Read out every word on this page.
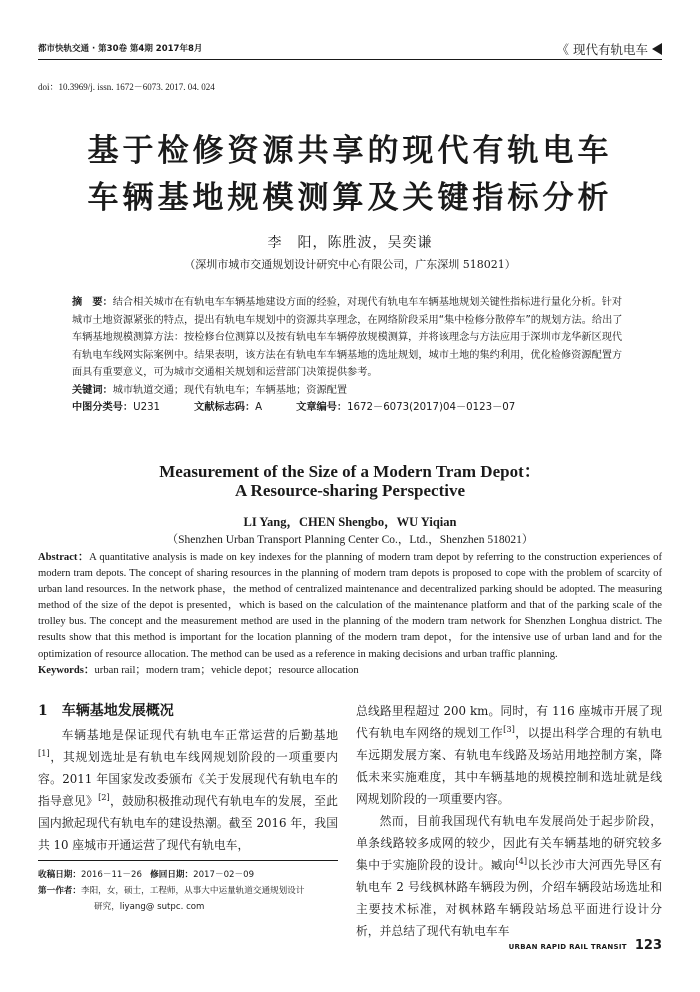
都市快轨交通 · 第30卷 第4期 2017年8月	《 现代有轨电车
doi：10.3969/j. issn. 1672－6073. 2017. 04. 024
基于检修资源共享的现代有轨电车
车辆基地规模测算及关键指标分析
李　阳，陈胜波，吴奕谦
（深圳市城市交通规划设计研究中心有限公司，广东深圳 518021）
摘　要：结合相关城市在有轨电车车辆基地建设方面的经验，对现代有轨电车车辆基地规划关键性指标进行量化分析。针对城市土地资源紧张的特点，提出有轨电车规划中的资源共享理念，在网络阶段采用“集中检修分散停车”的规划方法。给出了车辆基地规模测算方法：按检修台位测算以及按有轨电车车辆停放规模测算，并将该理念与方法应用于深圳市龙华新区现代有轨电车线网实际案例中。结果表明，该方法在有轨电车车辆基地的选址规划，城市土地的集约利用，优化检修资源配置方面具有重要意义，可为城市交通相关规划和运营部门决策提供参考。
关键词：城市轨道交通；现代有轨电车；车辆基地；资源配置
中图分类号：U231	文献标志码：A	文章编号：1672－6073(2017)04－0123－07
Measurement of the Size of a Modern Tram Depot：
A Resource-sharing Perspective
LI Yang，CHEN Shengbo，WU Yiqian
（Shenzhen Urban Transport Planning Center Co.，Ltd.，Shenzhen 518021）
Abstract：A quantitative analysis is made on key indexes for the planning of modern tram depot by referring to the construction experiences of modern tram depots. The concept of sharing resources in the planning of modern tram depots is proposed to cope with the problem of scarcity of urban land resources. In the network phase，the method of centralized maintenance and decentralized parking should be adopted. The measuring method of the size of the depot is presented，which is based on the calculation of the maintenance platform and that of the parking scale of the trolley bus. The concept and the measurement method are used in the planning of the modern tram network for Shenzhen Longhua district. The results show that this method is important for the location planning of the modern tram depot，for the intensive use of urban land and for the optimization of resource allocation. The method can be used as a reference in making decisions and urban traffic planning.
Keywords：urban rail；modern tram；vehicle depot；resource allocation
1 车辆基地发展概况

车辆基地是保证现代有轨电车正常运营的后勤基地[1]，其规划选址是有轨电车线网规划阶段的一项重要内容。2011 年国家发改委颁布《关于发展现代有轨电车的指导意见》[2]，鼓励积极推动现代有轨电车的发展，至此国内掀起现代有轨电车的建设热潮。截至 2016 年，我国共 10 座城市开通运营了现代有轨电车，

收稿日期：2016－11－26 修回日期：2017－02－09
第一作者：李阳，女，硕士，工程师，从事大中运量轨道交通规划设计
研究，liyang@ sutpc. com

总线路里程超过 200 km。同时，有 116 座城市开展了现代有轨电车网络的规划工作[3]，以提出科学合理的有轨电车远期发展方案、有轨电车线路及场站用地控制方案，降低未来实施难度，其中车辆基地的规模控制和选址就是线网规划阶段的一项重要内容。

然而，目前我国现代有轨电车发展尚处于起步阶段，单条线路较多成网的较少，因此有关车辆基地的研究较多集中于实施阶段的设计。臧向[4]以长沙市大河西先导区有轨电车 2 号线枫林路车辆段为例，介绍车辆段站场选址和主要技术标准，对枫林路车辆段站场总平面进行设计分析，并总结了现代有轨电车车

URBAN RAPID RAIL TRANSIT 123
